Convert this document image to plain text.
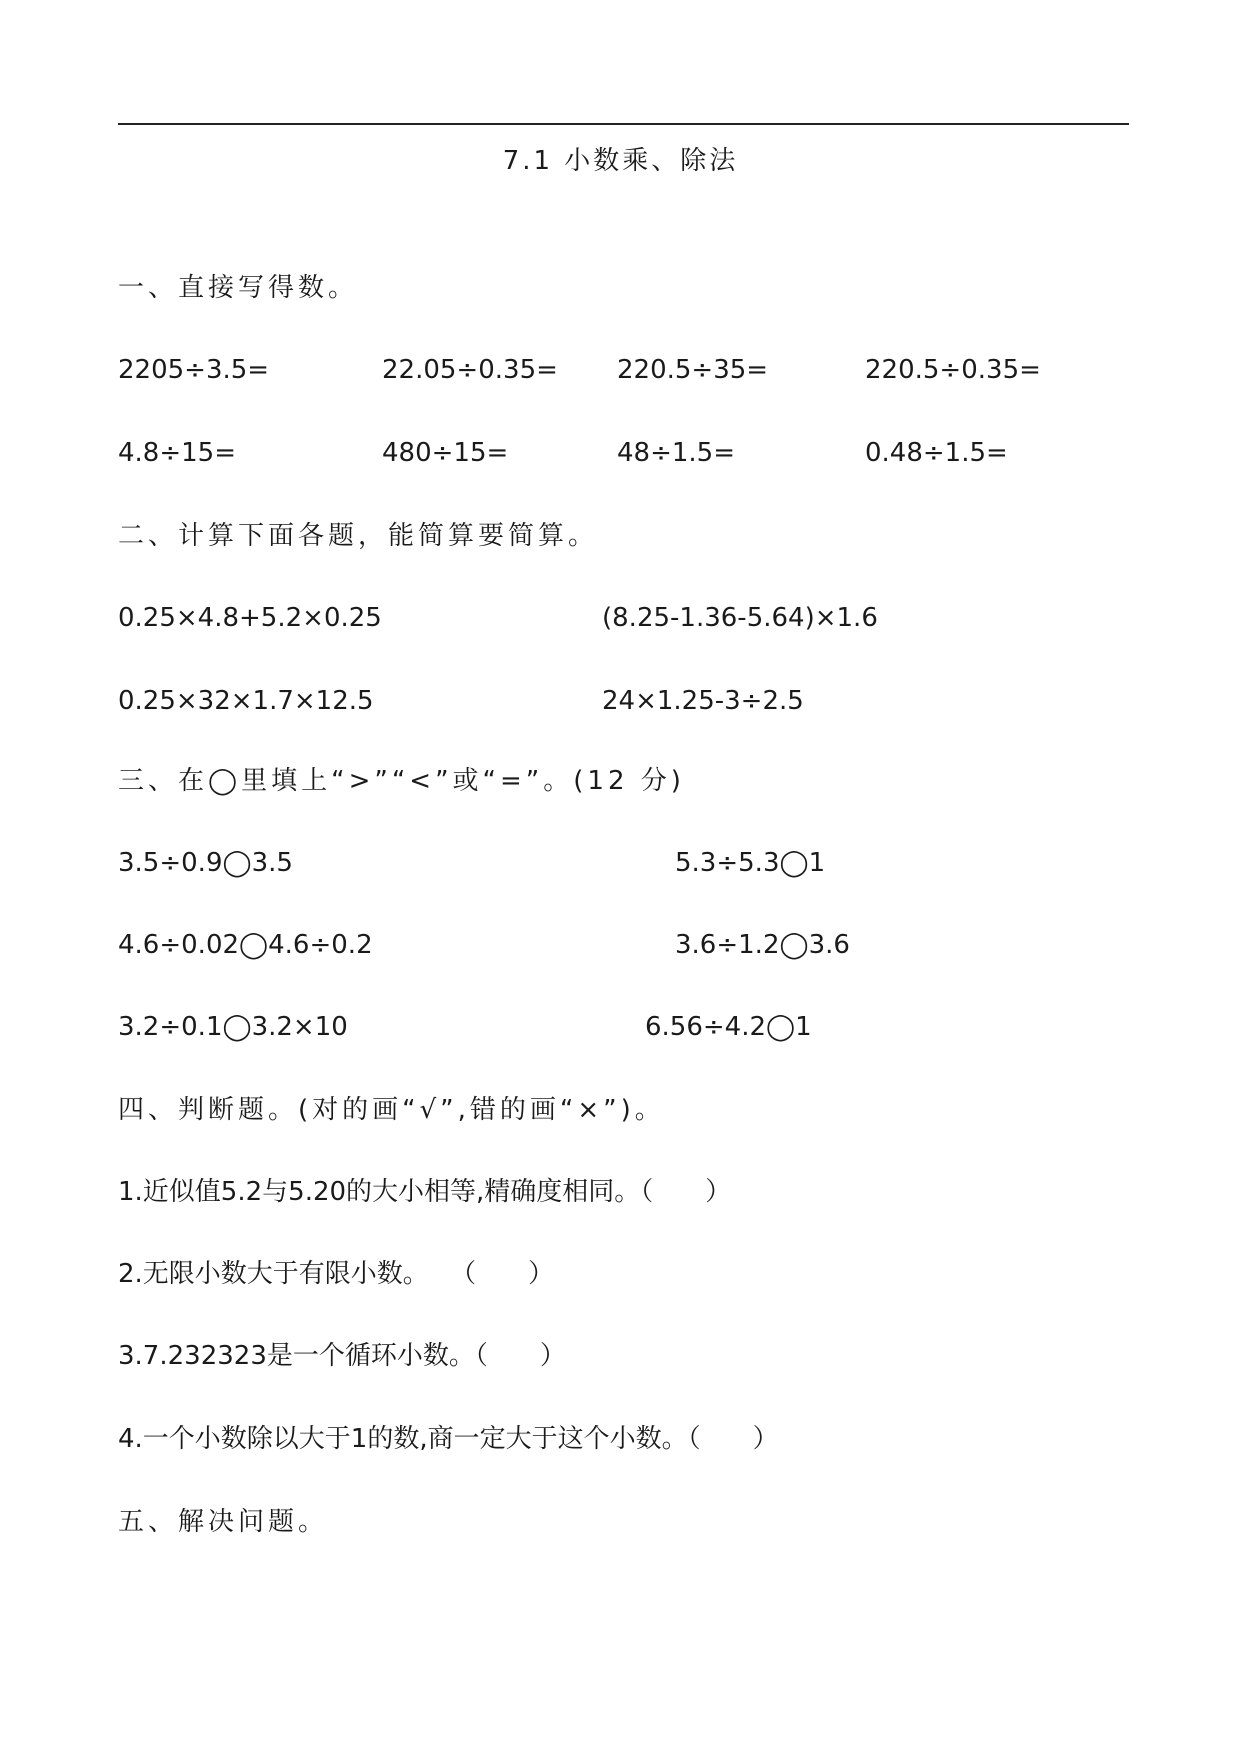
7.1 小数乘、除法
一、直接写得数。
2205÷3.5=	22.05÷0.35= 220.5÷35=	220.5÷0.35=
4.8÷15=	480÷15=	48÷1.5=	0.48÷1.5=
二、计算下面各题，能简算要简算。
0.25×4.8+5.2×0.25	(8.25-1.36-5.64)×1.6
0.25×32×1.7×12.5	24×1.25-3÷2.5
三、在◯里填上“>”“<”或“=”。(12 分)
3.5÷0.9◯3.5	5.3÷5.3◯1
4.6÷0.02◯4.6÷0.2	3.6÷1.2◯3.6
3.2÷0.1◯3.2×10	6.56÷4.2◯1
四、判断题。(对的画“√”,错的画“×”)。
1.近似值5.2与5.20的大小相等,精确度相同。（　　）
2.无限小数大于有限小数。　 （　　）
3.7.232323是一个循环小数。（　　）
4.一个小数除以大于1的数,商一定大于这个小数。（　　）
五、解决问题。
